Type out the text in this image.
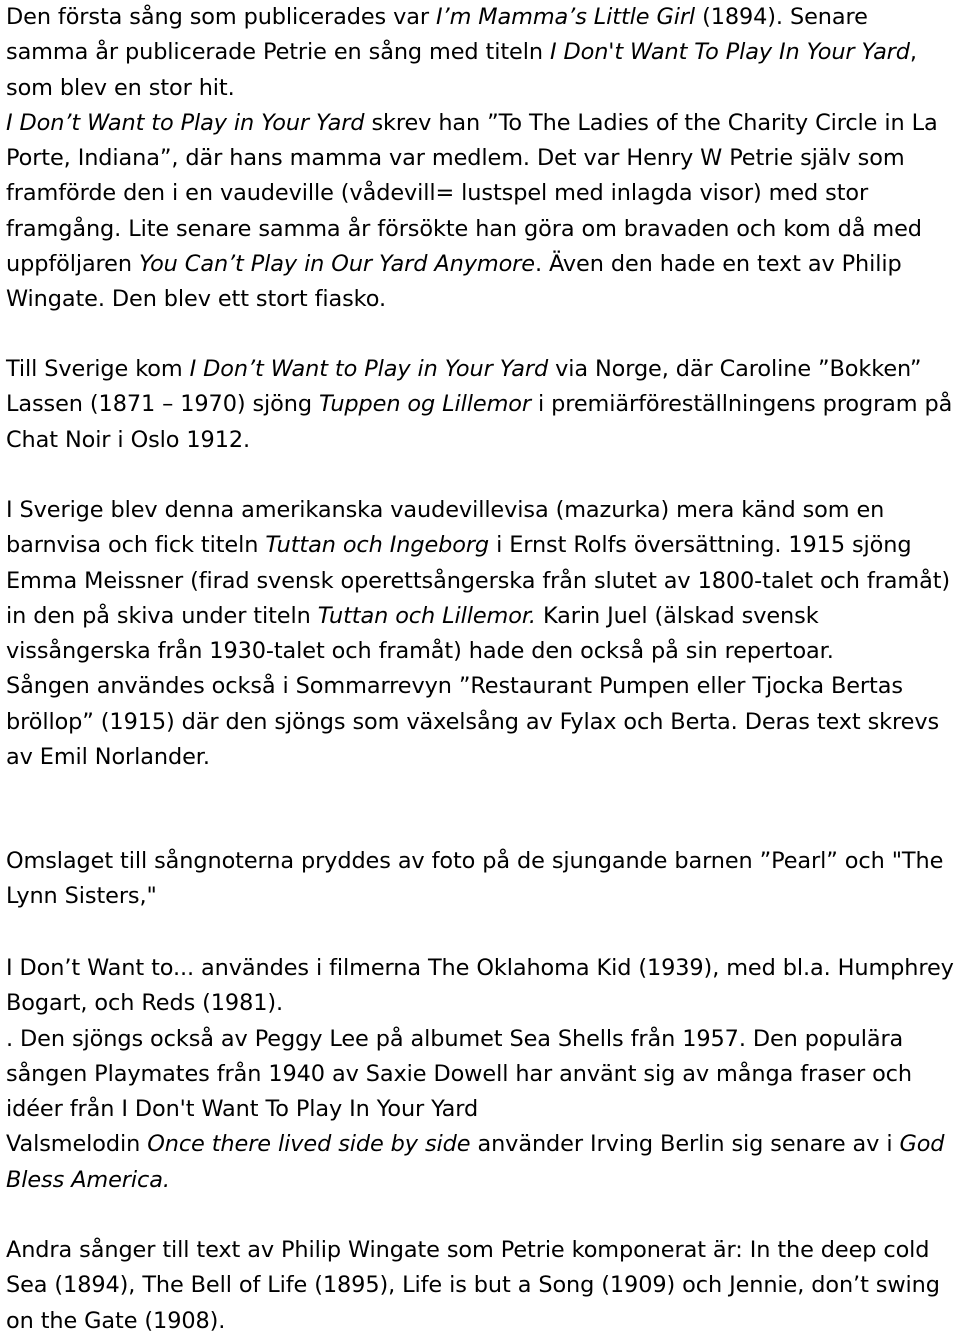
Den första sång som publicerades var I’m Mamma’s Little Girl (1894). Senare samma år publicerade Petrie en sång med titeln I Don't Want To Play In Your Yard, som blev en stor hit.
I Don’t Want to Play in Your Yard skrev han ”To The Ladies of the Charity Circle in La Porte, Indiana”, där hans mamma var medlem. Det var Henry W Petrie själv som framförde den i en vaudeville (vådevill= lustspel med inlagda visor) med stor framgång. Lite senare samma år försökte han göra om bravaden och kom då med uppföljaren You Can’t Play in Our Yard Anymore. Även den hade en text av Philip Wingate. Den blev ett stort fiasko.

Till Sverige kom I Don’t Want to Play in Your Yard via Norge, där Caroline ”Bokken” Lassen (1871 – 1970) sjöng Tuppen og Lillemor i premiärföreställningens program på Chat Noir i Oslo 1912.

I Sverige blev denna amerikanska vaudevillevisa (mazurka) mera känd som en barnvisa och fick titeln Tuttan och Ingeborg i Ernst Rolfs översättning. 1915 sjöng Emma Meissner (firad svensk operettsångerska från slutet av 1800-talet och framåt) in den på skiva under titeln Tuttan och Lillemor. Karin Juel (älskad svensk vissångerska från 1930-talet och framåt) hade den också på sin repertoar.
Sången användes också i Sommarrevyn ”Restaurant Pumpen eller Tjocka Bertas bröllop” (1915) där den sjöngs som växelsång av Fylax och Berta. Deras text skrevs av Emil Norlander.

Omslaget till sångnoterna pryddes av foto på de sjungande barnen ”Pearl” och "The Lynn Sisters,"

I Don’t Want to... användes i filmerna The Oklahoma Kid (1939), med bl.a. Humphrey Bogart, och Reds (1981).
. Den sjöngs också av Peggy Lee på albumet Sea Shells från 1957. Den populära sången Playmates från 1940 av Saxie Dowell har använt sig av många fraser och idéer från I Don't Want To Play In Your Yard
Valsmelodin Once there lived side by side använder Irving Berlin sig senare av i God Bless America.

Andra sånger till text av Philip Wingate som Petrie komponerat är: In the deep cold Sea (1894), The Bell of Life (1895), Life is but a Song (1909) och Jennie, don’t swing on the Gate (1908).
